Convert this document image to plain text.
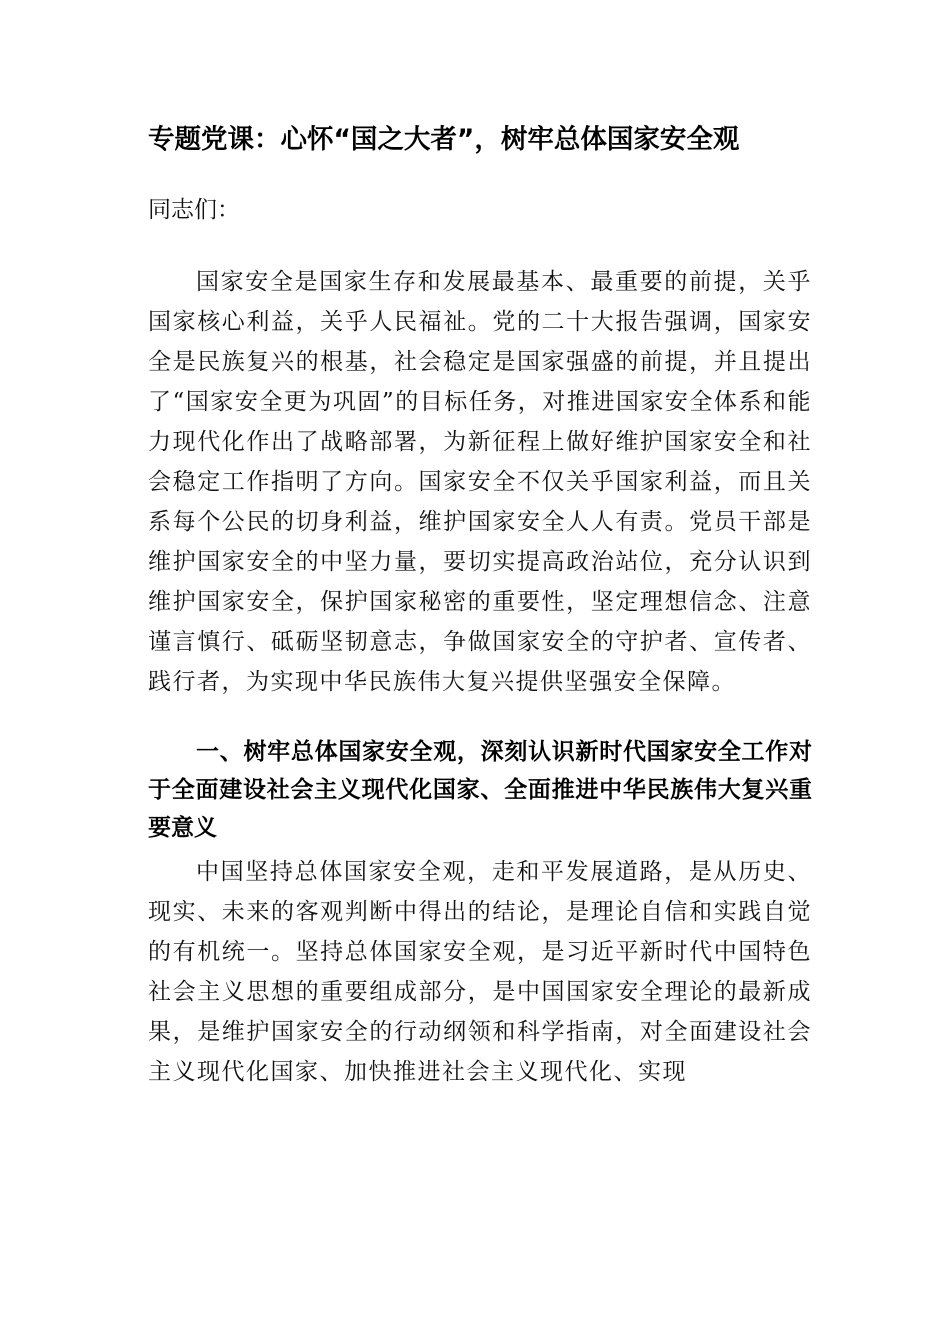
专题党课：心怀“国之大者”，树牢总体国家安全观

同志们：

国家安全是国家生存和发展最基本、最重要的前提，关乎国家核心利益，关乎人民福祉。党的二十大报告强调，国家安全是民族复兴的根基，社会稳定是国家强盛的前提，并且提出了“国家安全更为巩固”的目标任务，对推进国家安全体系和能力现代化作出了战略部署，为新征程上做好维护国家安全和社会稳定工作指明了方向。国家安全不仅关乎国家利益，而且关系每个公民的切身利益，维护国家安全人人有责。党员干部是维护国家安全的中坚力量，要切实提高政治站位，充分认识到维护国家安全，保护国家秘密的重要性，坚定理想信念、注意谨言慎行、砥砺坚韧意志，争做国家安全的守护者、宣传者、践行者，为实现中华民族伟大复兴提供坚强安全保障。

一、树牢总体国家安全观，深刻认识新时代国家安全工作对于全面建设社会主义现代化国家、全面推进中华民族伟大复兴重要意义

中国坚持总体国家安全观，走和平发展道路，是从历史、现实、未来的客观判断中得出的结论，是理论自信和实践自觉的有机统一。坚持总体国家安全观，是习近平新时代中国特色社会主义思想的重要组成部分，是中国国家安全理论的最新成果，是维护国家安全的行动纲领和科学指南，对全面建设社会主义现代化国家、加快推进社会主义现代化、实现
